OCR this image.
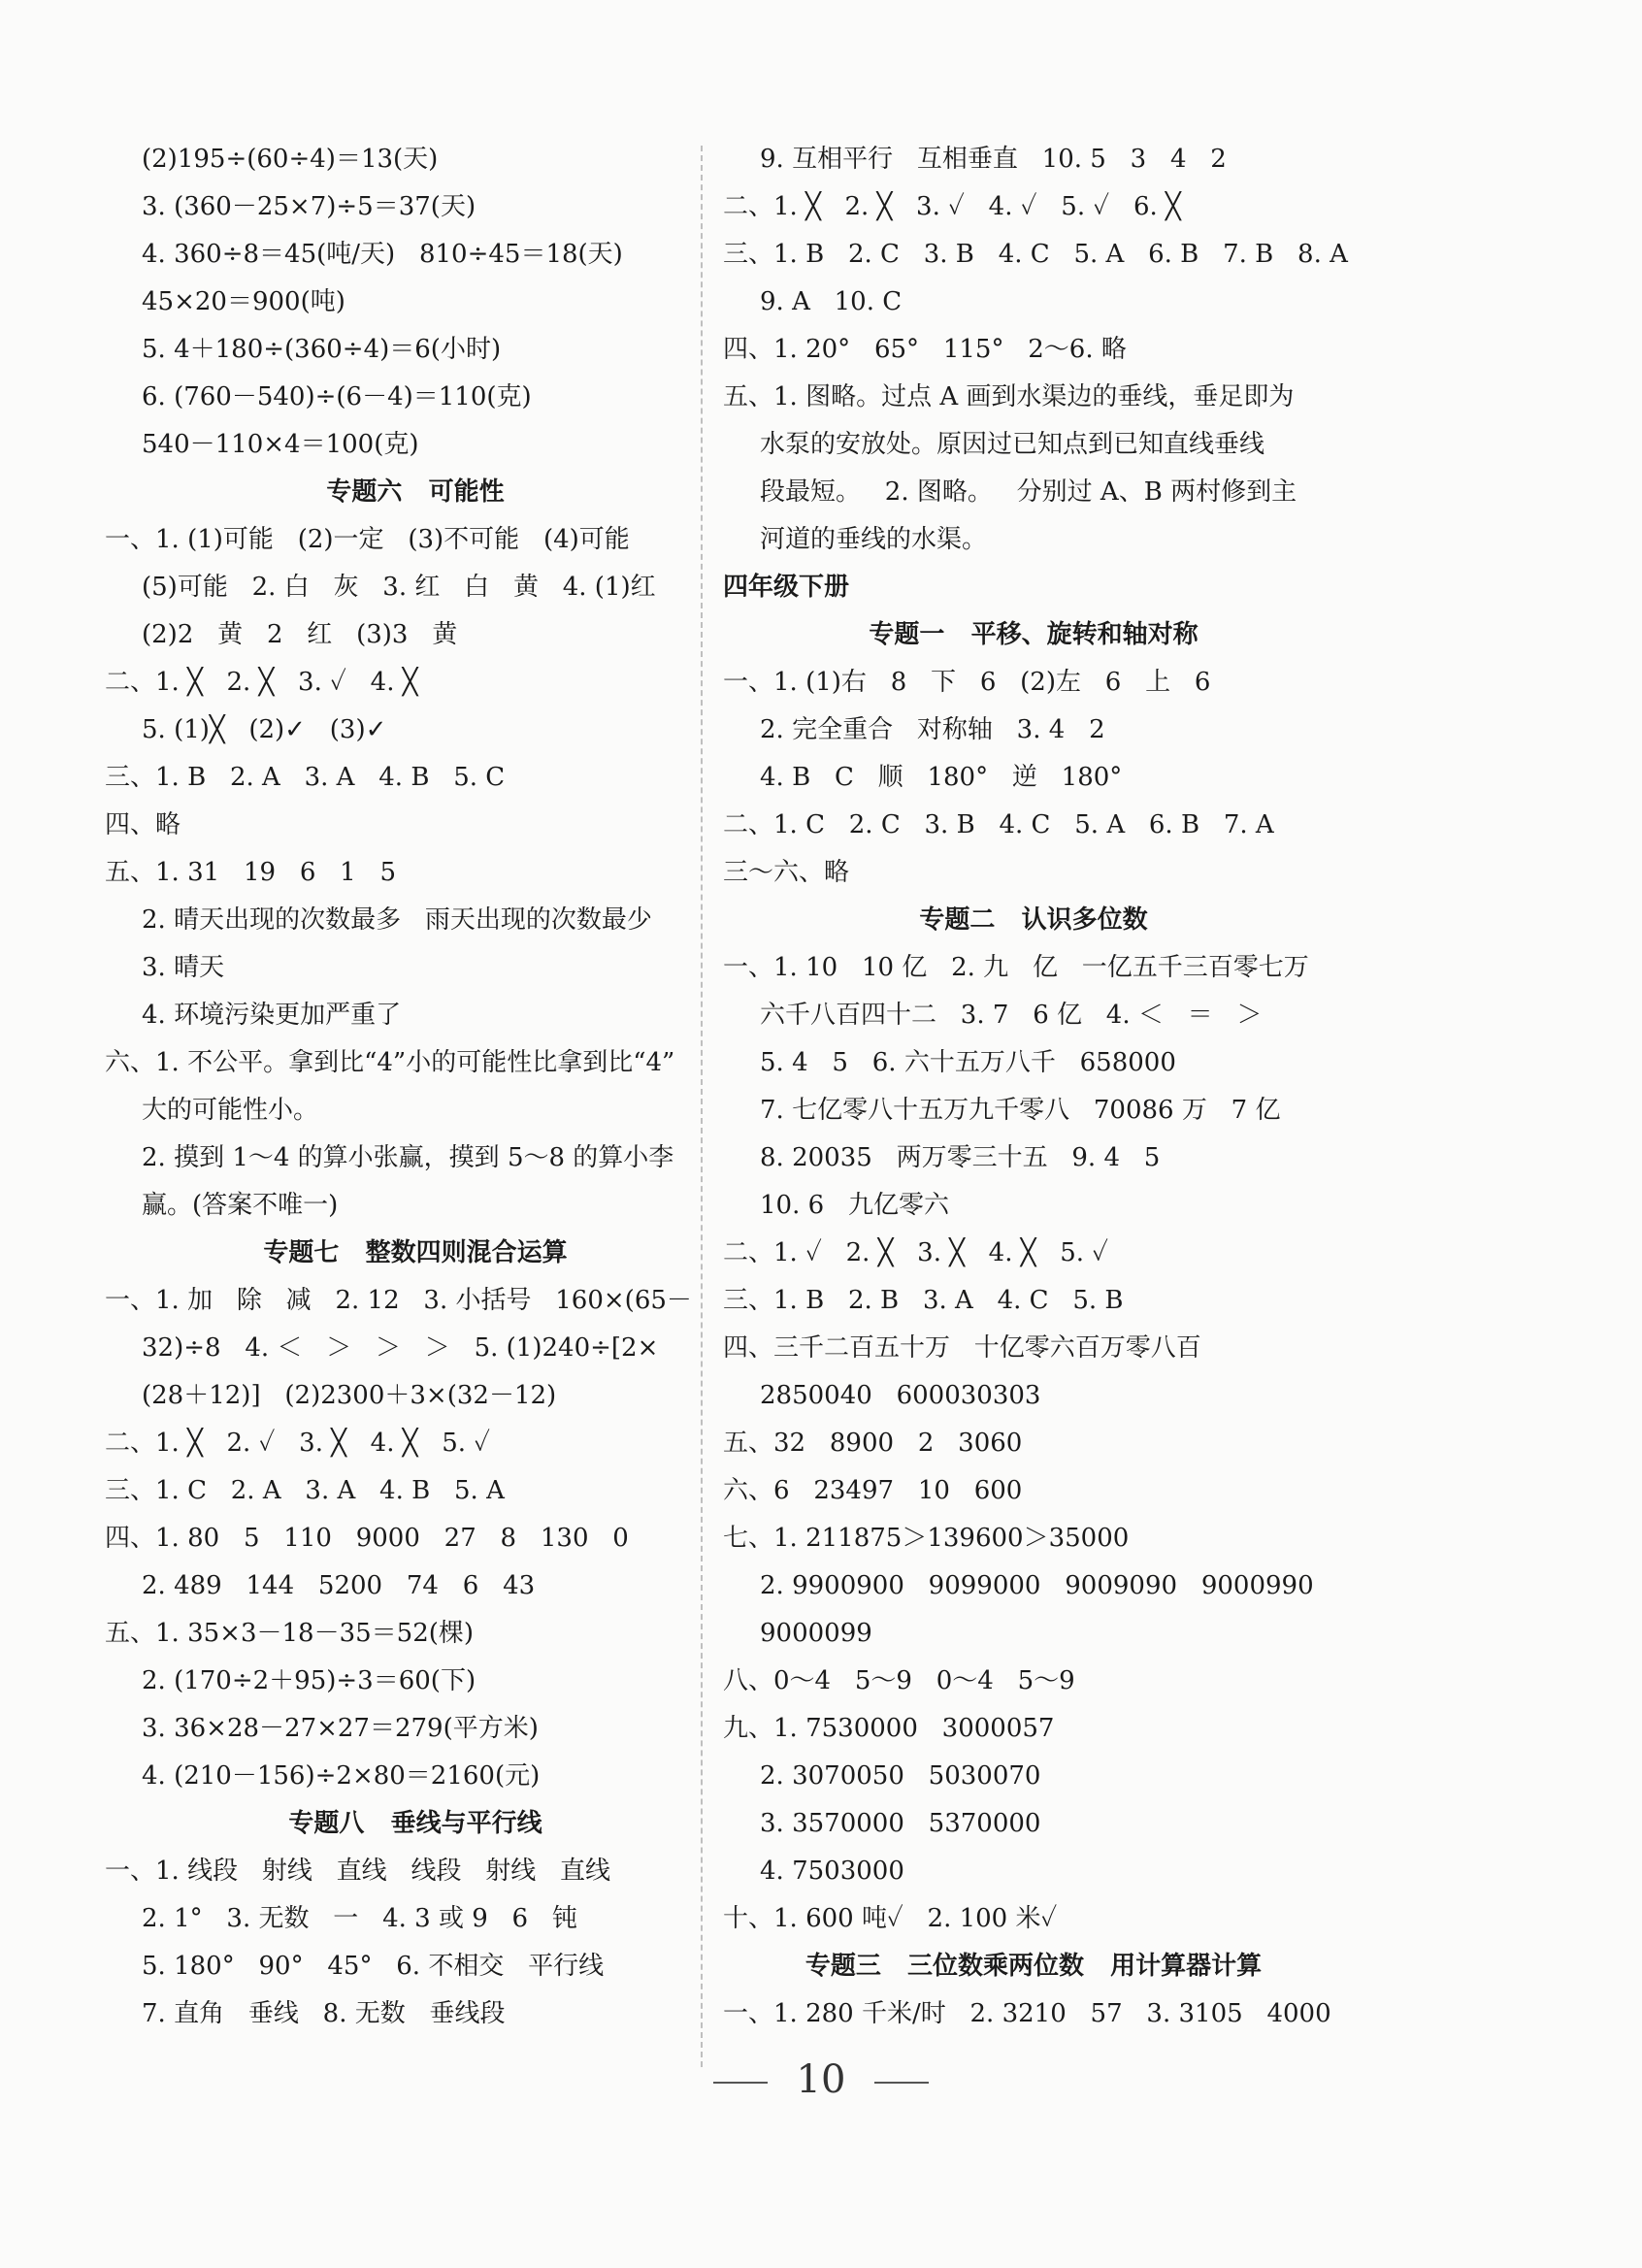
(2)195÷(60÷4)＝13(天)
3. (360－25×7)÷5＝37(天)
4. 360÷8＝45(吨/天)   810÷45＝18(天)
45×20＝900(吨)
5. 4＋180÷(360÷4)＝6(小时)
6. (760－540)÷(6－4)＝110(克)
540－110×4＝100(克)
专题六   可能性
一、1. (1)可能   (2)一定   (3)不可能   (4)可能
(5)可能   2. 白   灰   3. 红   白   黄   4. (1)红
(2)2   黄   2   红   (3)3   黄
二、1. ╳   2. ╳   3. ✓   4. ╳
5. (1)╳   (2)✓   (3)✓
三、1. B   2. A   3. A   4. B   5. C
四、略
五、1. 31   19   6   1   5
2. 晴天出现的次数最多   雨天出现的次数最少
3. 晴天
4. 环境污染更加严重了
六、1. 不公平。拿到比“4”小的可能性比拿到比“4”
大的可能性小。
2. 摸到 1～4 的算小张赢，摸到 5～8 的算小李
赢。(答案不唯一)
专题七   整数四则混合运算
一、1. 加   除   减   2. 12   3. 小括号   160×(65－
32)÷8   4. ＜   ＞   ＞   ＞   5. (1)240÷[2×
(28＋12)]   (2)2300＋3×(32－12)
二、1. ╳   2. ✓   3. ╳   4. ╳   5. ✓
三、1. C   2. A   3. A   4. B   5. A
四、1. 80   5   110   9000   27   8   130   0
2. 489   144   5200   74   6   43
五、1. 35×3－18－35＝52(棵)
2. (170÷2＋95)÷3＝60(下)
3. 36×28－27×27＝279(平方米)
4. (210－156)÷2×80＝2160(元)
专题八   垂线与平行线
一、1. 线段   射线   直线   线段   射线   直线
2. 1°   3. 无数   一   4. 3 或 9   6   钝
5. 180°   90°   45°   6. 不相交   平行线
7. 直角   垂线   8. 无数   垂线段
9. 互相平行   互相垂直   10. 5   3   4   2
二、1. ╳   2. ╳   3. ✓   4. ✓   5. ✓   6. ╳
三、1. B   2. C   3. B   4. C   5. A   6. B   7. B   8. A
9. A   10. C
四、1. 20°   65°   115°   2～6. 略
五、1. 图略。过点 A 画到水渠边的垂线，垂足即为
水泵的安放处。原因过已知点到已知直线垂线
段最短。   2. 图略。   分别过 A、B 两村修到主
河道的垂线的水渠。
四年级下册
专题一   平移、旋转和轴对称
一、1. (1)右   8   下   6   (2)左   6   上   6
2. 完全重合   对称轴   3. 4   2
4. B   C   顺   180°   逆   180°
二、1. C   2. C   3. B   4. C   5. A   6. B   7. A
三～六、略
专题二   认识多位数
一、1. 10   10 亿   2. 九   亿   一亿五千三百零七万
六千八百四十二   3. 7   6 亿   4. ＜   ＝   ＞
5. 4   5   6. 六十五万八千   658000
7. 七亿零八十五万九千零八   70086 万   7 亿
8. 20035   两万零三十五   9. 4   5
10. 6   九亿零六
二、1. ✓   2. ╳   3. ╳   4. ╳   5. ✓
三、1. B   2. B   3. A   4. C   5. B
四、三千二百五十万   十亿零六百万零八百
2850040   600030303
五、32   8900   2   3060
六、6   23497   10   600
七、1. 211875＞139600＞35000
2. 9900900   9099000   9009090   9000990
9000099
八、0～4   5～9   0～4   5～9
九、1. 7530000   3000057
2. 3070050   5030070
3. 3570000   5370000
4. 7503000
十、1. 600 吨✓   2. 100 米✓
专题三   三位数乘两位数   用计算器计算
一、1. 280 千米/时   2. 3210   57   3. 3105   4000
10
